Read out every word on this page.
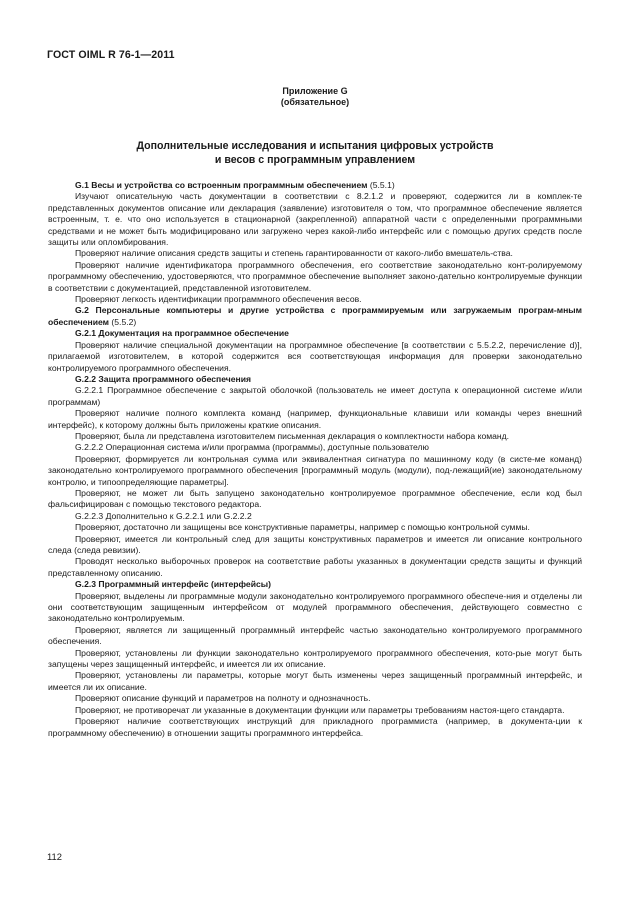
ГОСТ OIML R 76-1—2011
Приложение G
(обязательное)
Дополнительные исследования и испытания цифровых устройств
и весов с программным управлением

G.1 Весы и устройства со встроенным программным обеспечением (5.5.1)

Изучают описательную часть документации в соответствии с 8.2.1.2 и проверяют, содержится ли в комплек-те представленных документов описание или декларация (заявление) изготовителя о том, что программное обеспечение является встроенным, т. е. что оно используется в стационарной (закрепленной) аппаратной части с определенными программными средствами и не может быть модифицировано или загружено через какой-либо интерфейс или с помощью других средств после защиты или опломбирования.

Проверяют наличие описания средств защиты и степень гарантированности от какого-либо вмешатель-ства.

Проверяют наличие идентификатора программного обеспечения, его соответствие законодательно конт-ролируемому программному обеспечению, удостоверяются, что программное обеспечение выполняет законо-дательно контролируемые функции в соответствии с документацией, представленной изготовителем.

Проверяют легкость идентификации программного обеспечения весов.

G.2 Персональные компьютеры и другие устройства с программируемым или загружаемым програм-мным обеспечением (5.5.2)

G.2.1 Документация на программное обеспечение

Проверяют наличие специальной документации на программное обеспечение [в соответствии с 5.5.2.2, перечисление d)], прилагаемой изготовителем, в которой содержится вся соответствующая информация для проверки законодательно контролируемого программного обеспечения.

G.2.2 Защита программного обеспечения

G.2.2.1 Программное обеспечение с закрытой оболочкой (пользователь не имеет доступа к операционной системе и/или программам)

Проверяют наличие полного комплекта команд (например, функциональные клавиши или команды через внешний интерфейс), к которому должны быть приложены краткие описания.

Проверяют, была ли представлена изготовителем письменная декларация о комплектности набора команд.

G.2.2.2 Операционная система и/или программа (программы), доступные пользователю

Проверяют, формируется ли контрольная сумма или эквивалентная сигнатура по машинному коду (в систе-ме команд) законодательно контролируемого программного обеспечения [программный модуль (модули), под-лежащий(ие) законодательному контролю, и типоопределяющие параметры].

Проверяют, не может ли быть запущено законодательно контролируемое программное обеспечение, если код был фальсифицирован с помощью текстового редактора.

G.2.2.3 Дополнительно к G.2.2.1 или G.2.2.2

Проверяют, достаточно ли защищены все конструктивные параметры, например с помощью контрольной суммы.

Проверяют, имеется ли контрольный след для защиты конструктивных параметров и имеется ли описание контрольного следа (следа ревизии).

Проводят несколько выборочных проверок на соответствие работы указанных в документации средств защиты и функций представленному описанию.

G.2.3 Программный интерфейс (интерфейсы)

Проверяют, выделены ли программные модули законодательно контролируемого программного обеспече-ния и отделены ли они соответствующим защищенным интерфейсом от модулей программного обеспечения, действующего совместно с законодательно контролируемым.

Проверяют, является ли защищенный программный интерфейс частью законодательно контролируемого программного обеспечения.

Проверяют, установлены ли функции законодательно контролируемого программного обеспечения, кото-рые могут быть запущены через защищенный интерфейс, и имеется ли их описание.

Проверяют, установлены ли параметры, которые могут быть изменены через защищенный программный интерфейс, и имеется ли их описание.

Проверяют описание функций и параметров на полноту и однозначность.

Проверяют, не противоречат ли указанные в документации функции или параметры требованиям настоя-щего стандарта.

Проверяют наличие соответствующих инструкций для прикладного программиста (например, в документа-ции к программному обеспечению) в отношении защиты программного интерфейса.

112
